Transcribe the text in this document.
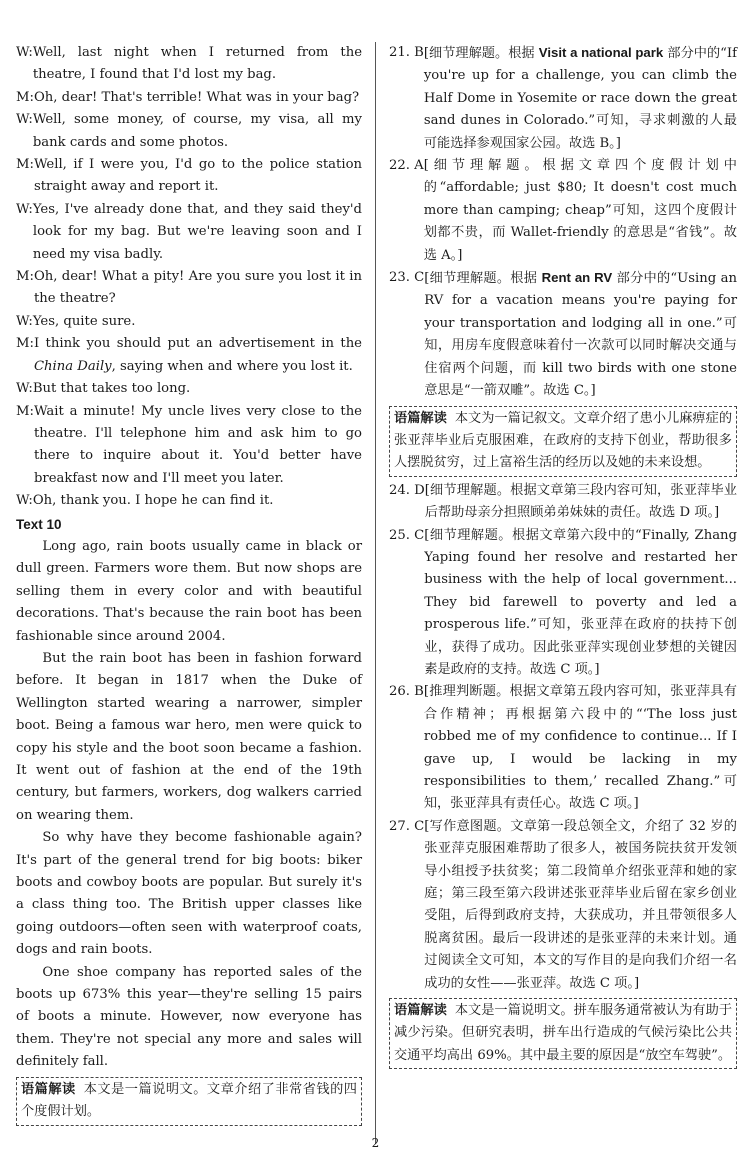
W: Well, last night when I returned from the theatre, I found that I'd lost my bag.
M: Oh, dear! That's terrible! What was in your bag?
W: Well, some money, of course, my visa, all my bank cards and some photos.
M: Well, if I were you, I'd go to the police station straight away and report it.
W: Yes, I've already done that, and they said they'd look for my bag. But we're leaving soon and I need my visa badly.
M: Oh, dear! What a pity! Are you sure you lost it in the theatre?
W: Yes, quite sure.
M: I think you should put an advertisement in the China Daily, saying when and where you lost it.
W: But that takes too long.
M: Wait a minute! My uncle lives very close to the theatre. I'll telephone him and ask him to go there to inquire about it. You'd better have breakfast now and I'll meet you later.
W: Oh, thank you. I hope he can find it.
Text 10
Long ago, rain boots usually came in black or dull green. Farmers wore them. But now shops are selling them in every color and with beautiful decorations. That's because the rain boot has been fashionable since around 2004.
But the rain boot has been in fashion forward before. It began in 1817 when the Duke of Wellington started wearing a narrower, simpler boot. Being a famous war hero, men were quick to copy his style and the boot soon became a fashion. It went out of fashion at the end of the 19th century, but farmers, workers, dog walkers carried on wearing them.
So why have they become fashionable again? It's part of the general trend for big boots: biker boots and cowboy boots are popular. But surely it's a class thing too. The British upper classes like going outdoors—often seen with waterproof coats, dogs and rain boots.
One shoe company has reported sales of the boots up 673% this year—they're selling 15 pairs of boots a minute. However, now everyone has them. They're not special any more and sales will definitely fall.
语篇解读 本文是一篇说明文。文章介绍了非常省钱的四个度假计划。
21. B [细节理解题。根据 Visit a national park 部分中的“If you're up for a challenge, you can climb the Half Dome in Yosemite or race down the great sand dunes in Colorado.”可知，寻求刺激的人最可能选择参观国家公园。故选 B。]
22. A [细节理解题。根据文章四个度假计划中的“affordable; just $80; It doesn't cost much more than camping; cheap”可知，这四个度假计划都不贵，而 Wallet-friendly 的意思是“省钱”。故选 A。]
23. C [细节理解题。根据 Rent an RV 部分中的“Using an RV for a vacation means you're paying for your transportation and lodging all in one.”可知，用房车度假意味着付一次款可以同时解决交通与住宿两个问题，而 kill two birds with one stone 意思是“一箭双雕”。故选 C。]
语篇解读 本文为一篇记叙文。文章介绍了患小儿麻痹症的张亚萍毕业后克服困难，在政府的支持下创业，帮助很多人摆脱贫穷，过上富裕生活的经历以及她的未来设想。
24. D [细节理解题。根据文章第三段内容可知，张亚萍毕业后帮助母亲分担照顾弟弟妹妹的责任。故选 D 项。]
25. C [细节理解题。根据文章第六段中的“Finally, Zhang Yaping found her resolve and restarted her business with the help of local government... They bid farewell to poverty and led a prosperous life.”可知，张亚萍在政府的扶持下创业，获得了成功。因此张亚萍实现创业梦想的关键因素是政府的支持。故选 C 项。]
26. B [推理判断题。根据文章第五段内容可知，张亚萍具有合作精神；再根据第六段中的“‘The loss just robbed me of my confidence to continue... If I gave up, I would be lacking in my responsibilities to them,’ recalled Zhang.”可知，张亚萍具有责任心。故选 C 项。]
27. C [写作意图题。文章第一段总领全文，介绍了 32 岁的张亚萍克服困难帮助了很多人，被国务院扶贫开发领导小组授予扶贫奖；第二段简单介绍张亚萍和她的家庭；第三段至第六段讲述张亚萍毕业后留在家乡创业受阻，后得到政府支持，大获成功，并且带领很多人脱离贫困。最后一段讲述的是张亚萍的未来计划。通过阅读全文可知，本文的写作目的是向我们介绍一名成功的女性——张亚萍。故选 C 项。]
语篇解读 本文是一篇说明文。拼车服务通常被认为有助于减少污染。但研究表明，拼车出行造成的气候污染比公共交通平均高出 69%。其中最主要的原因是“放空车驾驶”。
2
